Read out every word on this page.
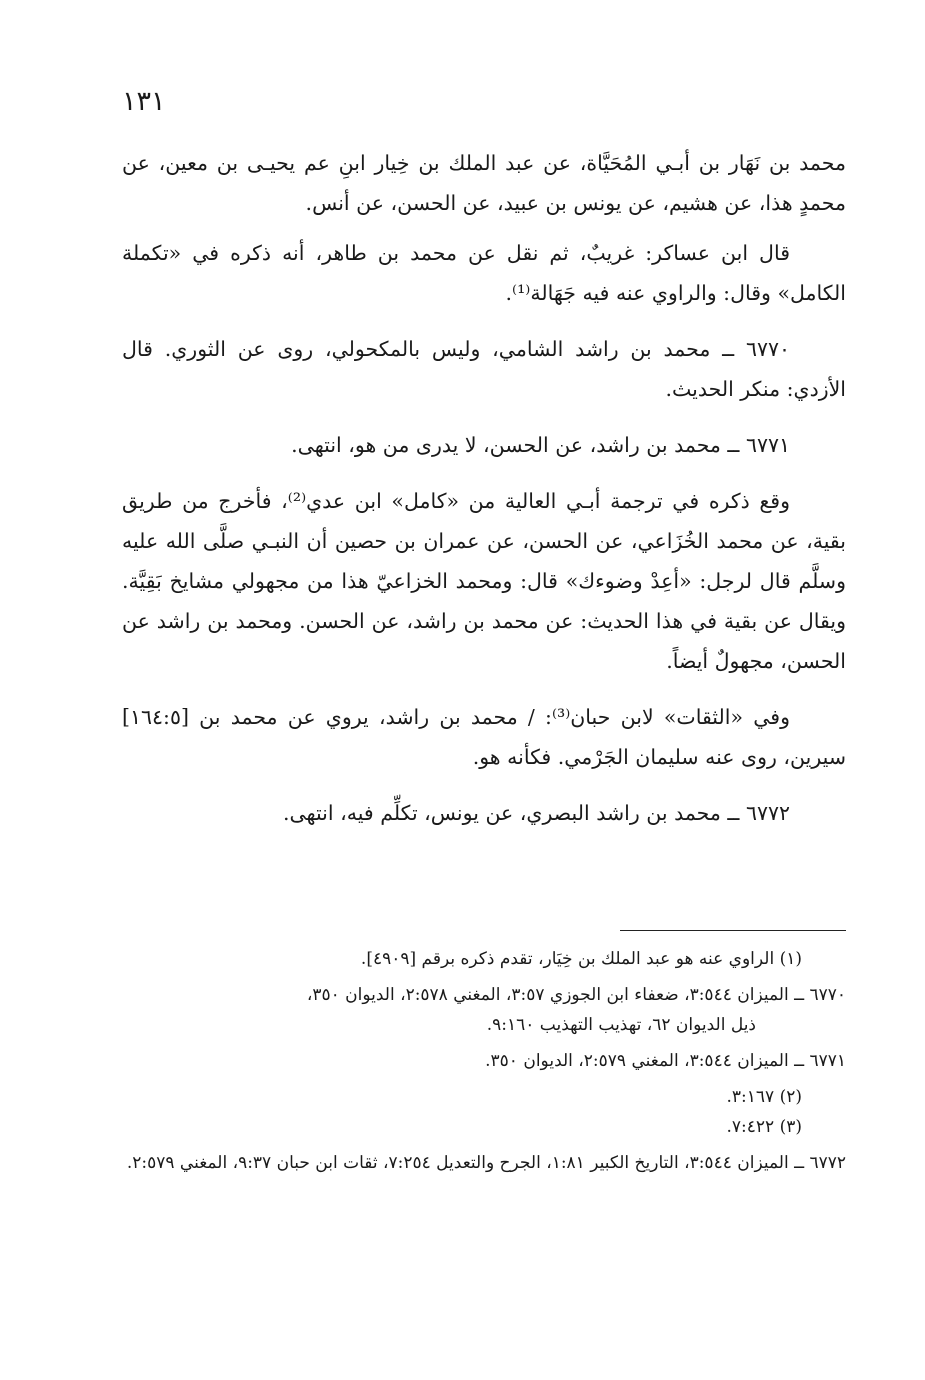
١٣١

محمد بن نَهَار بن أبـي المُحَيَّاة، عن عبد الملك بن خِيار ابنِ عم يحيـى بن معين، عن محمدٍ هذا، عن هشيم، عن يونس بن عبيد، عن الحسن، عن أنس.

قال ابن عساكر: غريبٌ، ثم نقل عن محمد بن طاهر، أنه ذكره في «تكملة الكامل» وقال: والراوي عنه فيه جَهَالة⁽¹⁾.

٦٧٧٠ ــ محمد بن راشد الشامي، وليس بالمكحولي، روى عن الثوري. قال الأزدي: منكر الحديث.

٦٧٧١ ــ محمد بن راشد، عن الحسن، لا يدرى من هو، انتهى.

وقع ذكره في ترجمة أبـي العالية من «كامل» ابن عدي⁽²⁾، فأخرج من طريق بقية، عن محمد الخُزَاعي، عن الحسن، عن عمران بن حصين أن النبـي صلَّى الله عليه وسلَّم قال لرجل: «أعِدْ وضوءك» قال: ومحمد الخزاعيّ هذا من مجهولي مشايخ بَقِيَّة. ويقال عن بقية في هذا الحديث: عن محمد بن راشد، عن الحسن. ومحمد بن راشد عن الحسن، مجهولٌ أيضاً.

وفي «الثقات» لابن حبان⁽³⁾: / محمد بن راشد، يروي عن محمد بن [١٦٤:٥] سيرين، روى عنه سليمان الجَرْمي. فكأنه هو.

٦٧٧٢ ــ محمد بن راشد البصري، عن يونس، تكلِّم فيه، انتهى.

(١) الراوي عنه هو عبد الملك بن خِيَار، تقدم ذكره برقم [٤٩٠٩].

٦٧٧٠ ــ الميزان ٣:٥٤٤، ضعفاء ابن الجوزي ٣:٥٧، المغني ٢:٥٧٨، الديوان ٣٥٠،

ذيل الديوان ٦٢، تهذيب التهذيب ٩:١٦٠.

٦٧٧١ ــ الميزان ٣:٥٤٤، المغني ٢:٥٧٩، الديوان ٣٥٠.

(٢) ٣:١٦٧.

(٣) ٧:٤٢٢.

٦٧٧٢ ــ الميزان ٣:٥٤٤، التاريخ الكبير ١:٨١، الجرح والتعديل ٧:٢٥٤، ثقات ابن حبان ٩:٣٧، المغني ٢:٥٧٩.
